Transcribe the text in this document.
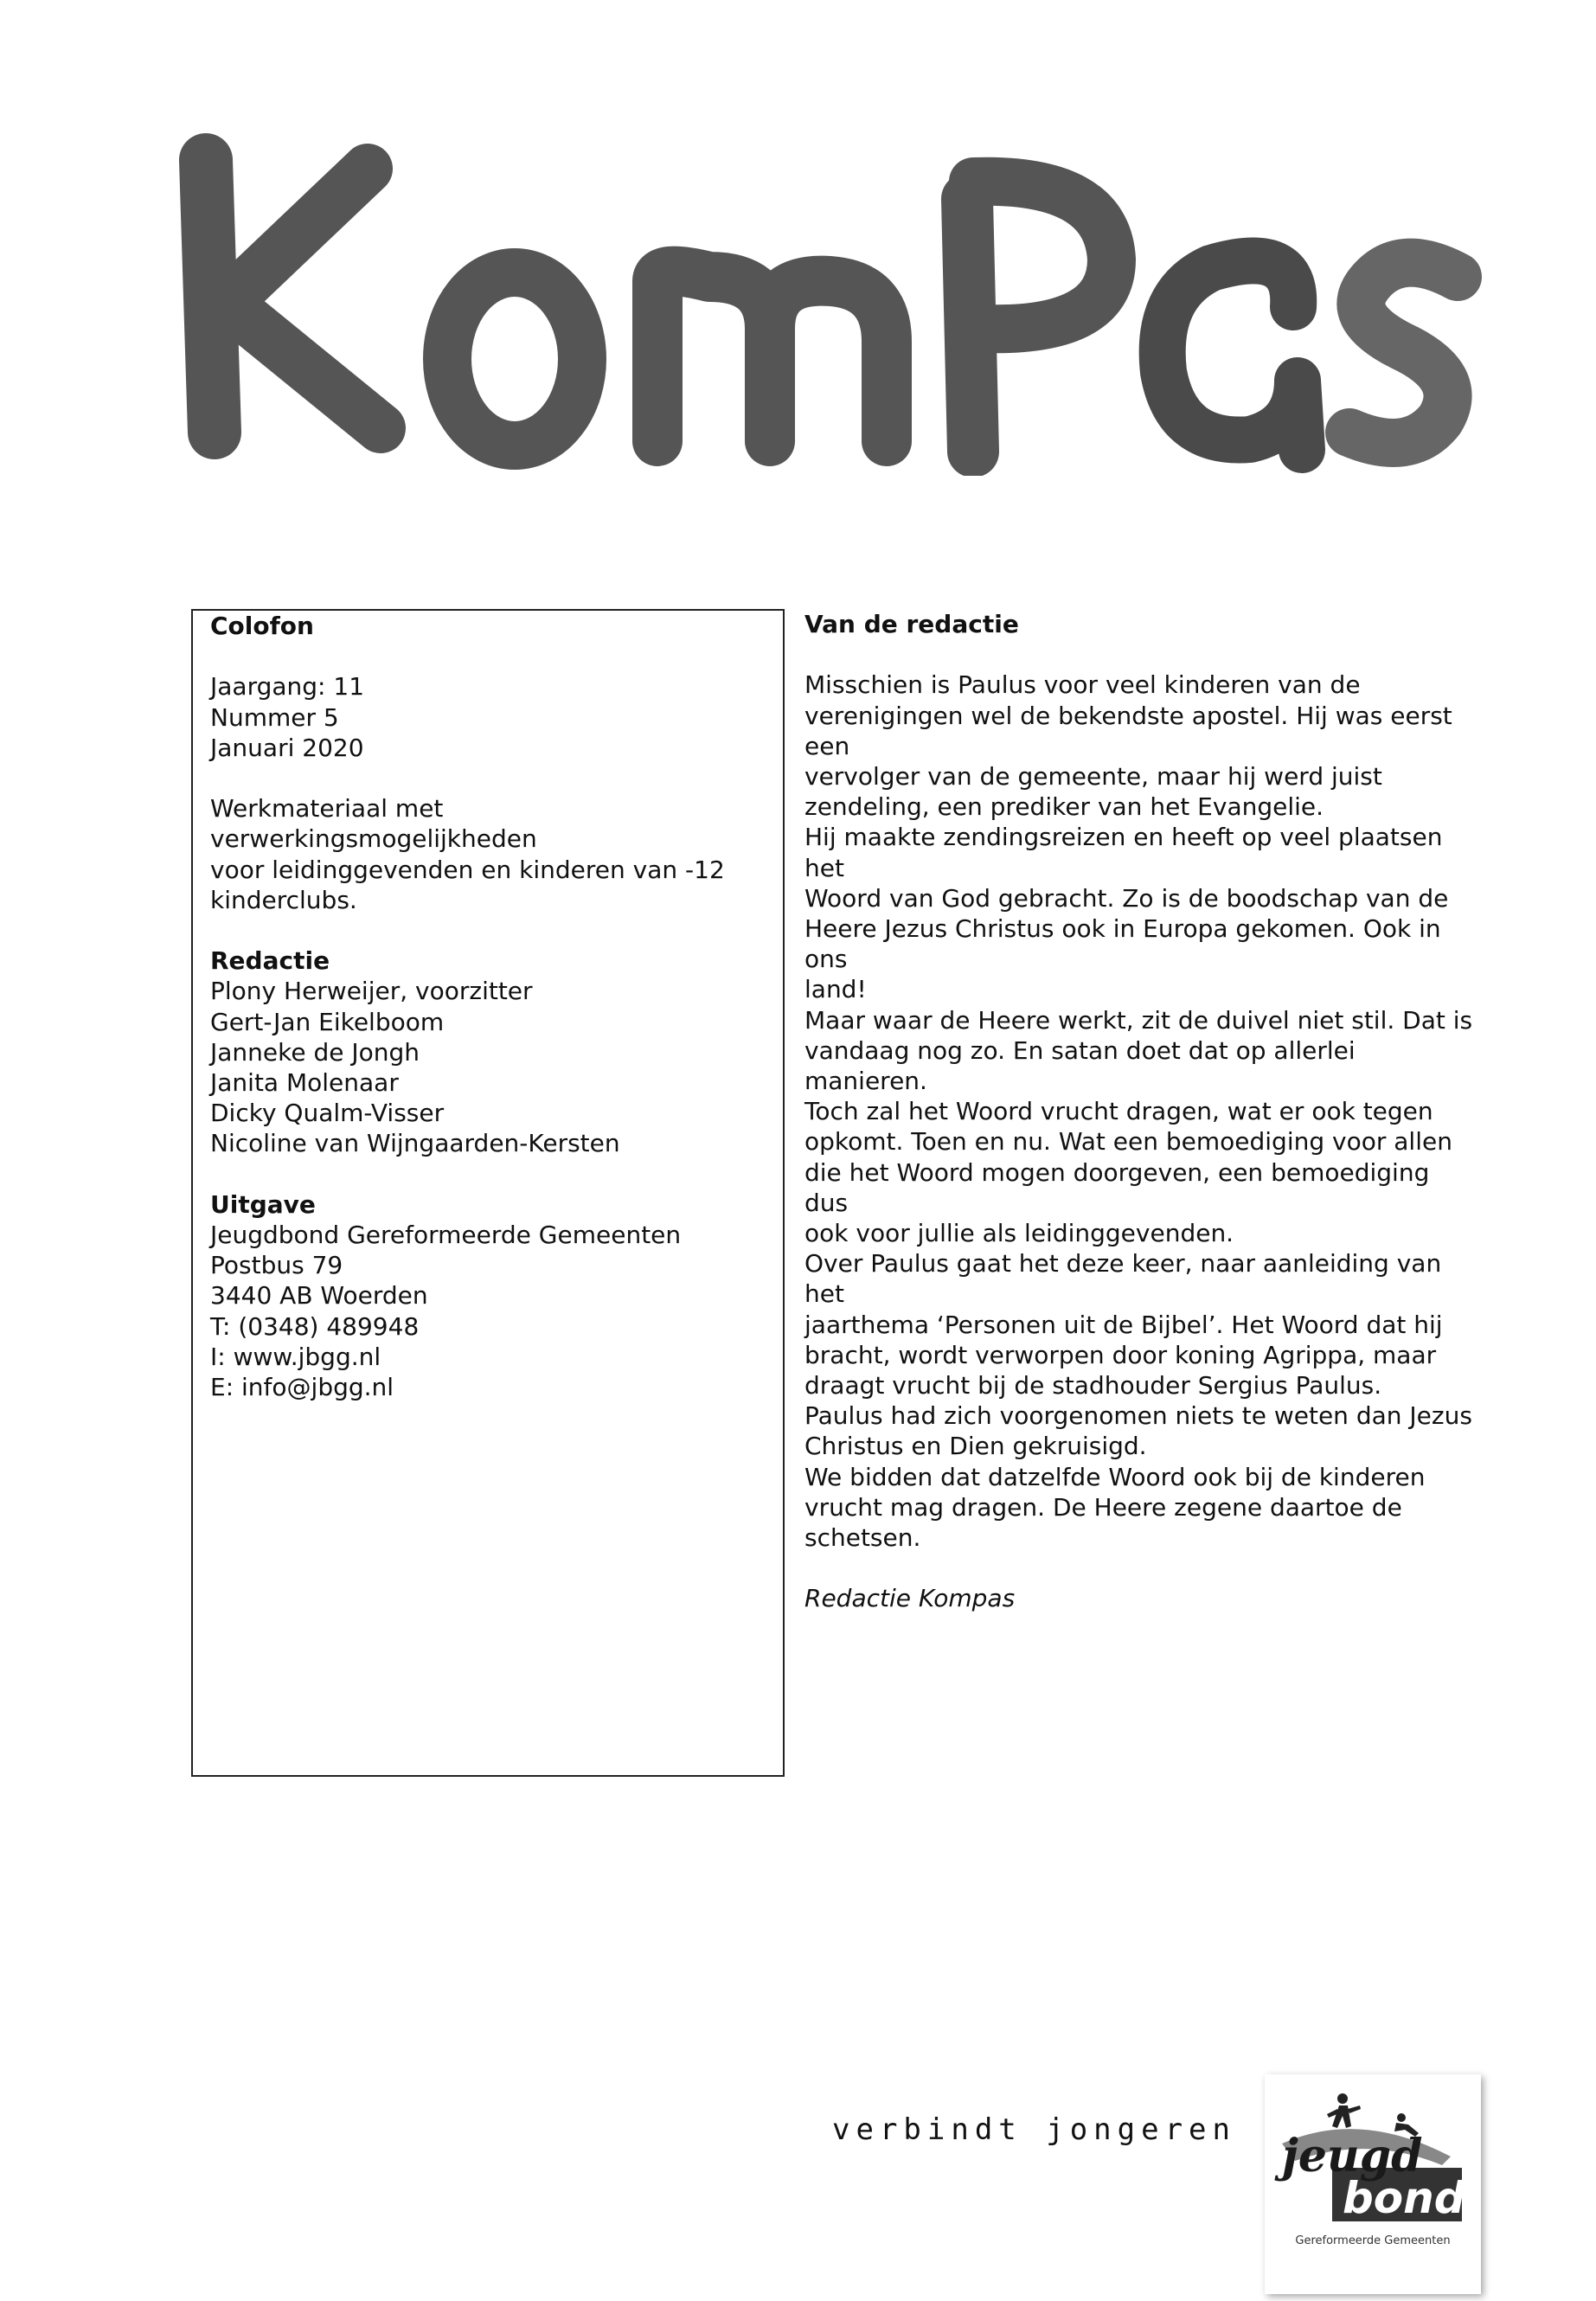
Colofon

Jaargang: 11

Nummer 5

Januari 2020

Werkmateriaal met verwerkingsmogelijkheden

voor leidinggevenden en kinderen van -12

kinderclubs.

Redactie

Plony Herweijer, voorzitter

Gert-Jan Eikelboom

Janneke de Jongh

Janita Molenaar

Dicky Qualm-Visser

Nicoline van Wijngaarden-Kersten

Uitgave

Jeugdbond Gereformeerde Gemeenten

Postbus 79

3440 AB Woerden

T: (0348) 489948

I: www.jbgg.nl

E: info@jbgg.nl

Van de redactie

Misschien is Paulus voor veel kinderen van de

verenigingen wel de bekendste apostel. Hij was eerst een

vervolger van de gemeente, maar hij werd juist

zendeling, een prediker van het Evangelie.

Hij maakte zendingsreizen en heeft op veel plaatsen het

Woord van God gebracht. Zo is de boodschap van de

Heere Jezus Christus ook in Europa gekomen. Ook in ons

land!

Maar waar de Heere werkt, zit de duivel niet stil. Dat is

vandaag nog zo. En satan doet dat op allerlei manieren.

Toch zal het Woord vrucht dragen, wat er ook tegen

opkomt. Toen en nu. Wat een bemoediging voor allen

die het Woord mogen doorgeven, een bemoediging dus

ook voor jullie als leidinggevenden.

Over Paulus gaat het deze keer, naar aanleiding van het

jaarthema ‘Personen uit de Bijbel’. Het Woord dat hij

bracht, wordt verworpen door koning Agrippa, maar

draagt vrucht bij de stadhouder Sergius Paulus.

Paulus had zich voorgenomen niets te weten dan Jezus

Christus en Dien gekruisigd.

We bidden dat datzelfde Woord ook bij de kinderen

vrucht mag dragen. De Heere zegene daartoe de

schetsen.

Redactie Kompas

verbindt jongeren jeugd
bond
Gereformeerde Gemeenten
